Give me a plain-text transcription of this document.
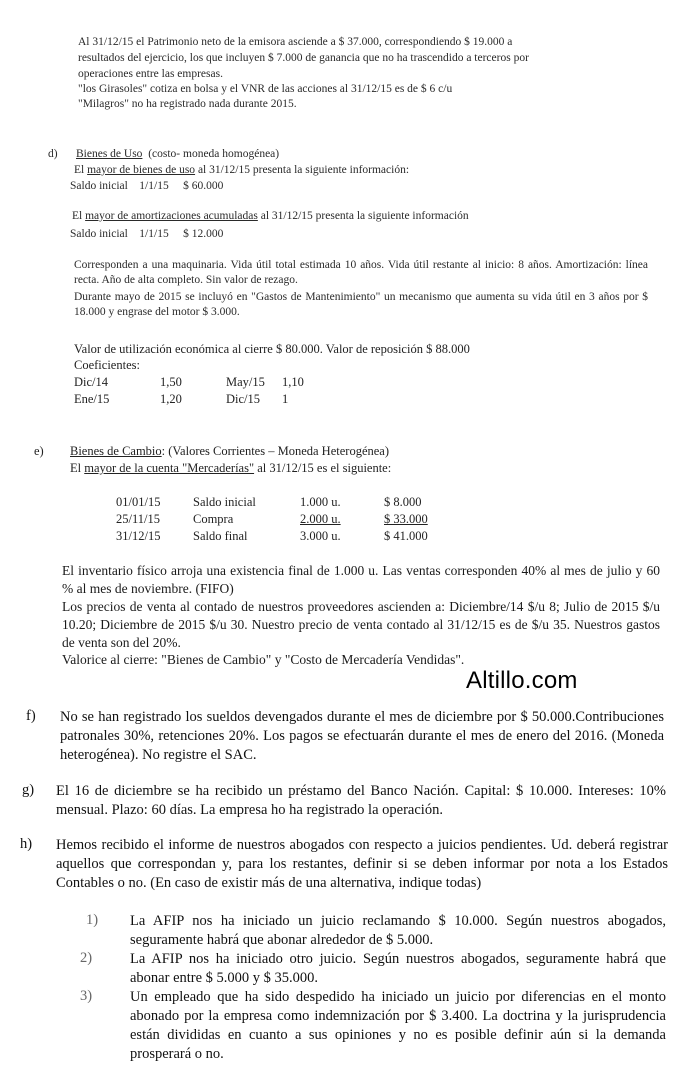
Al 31/12/15 el Patrimonio neto de la emisora asciende a $ 37.000, correspondiendo $ 19.000 a
resultados del ejercicio, los que incluyen $ 7.000 de ganancia que no ha trascendido a terceros por
operaciones entre las empresas.
"los Girasoles" cotiza en bolsa y el VNR de las acciones al 31/12/15 es de $ 6 c/u
"Milagros" no ha registrado nada durante 2015.
d) Bienes de Uso (costo- moneda homogénea)
El mayor de bienes de uso al 31/12/15 presenta la siguiente información:
Saldo inicial    1/1/15     $ 60.000
El mayor de amortizaciones acumuladas al 31/12/15 presenta la siguiente información
Saldo inicial    1/1/15     $ 12.000
Corresponden a una maquinaria. Vida útil total estimada 10 años. Vida útil restante al inicio: 8 años. Amortización: línea recta. Año de alta completo. Sin valor de rezago.
Durante mayo de 2015 se incluyó en "Gastos de Mantenimiento" un mecanismo que aumenta su vida útil en 3 años por $ 18.000 y engrase del motor $ 3.000.
Valor de utilización económica al cierre $ 80.000. Valor de reposición $ 88.000
Coeficientes:
Dic/14	1,50	May/15 1,10
Ene/15	1,20	Dic/15 1
e) Bienes de Cambio: (Valores Corrientes – Moneda Heterogénea)
El mayor de la cuenta "Mercaderías" al 31/12/15 es el siguiente:
01/01/15	Saldo inicial	1.000 u.	$ 8.000
25/11/15	Compra	2.000 u.	$ 33.000
31/12/15	Saldo final	3.000 u.	$ 41.000
El inventario físico arroja una existencia final de 1.000 u. Las ventas corresponden 40% al mes de julio y 60 % al mes de noviembre. (FIFO)
Los precios de venta al contado de nuestros proveedores ascienden a: Diciembre/14 $/u 8; Julio de 2015 $/u 10.20; Diciembre de 2015 $/u 30. Nuestro precio de venta contado al 31/12/15 es de $/u 35. Nuestros gastos de venta son del 20%.
Valorice al cierre: "Bienes de Cambio" y "Costo de Mercadería Vendidas".
Altillo.com
f) No se han registrado los sueldos devengados durante el mes de diciembre por $ 50.000.Contribuciones patronales 30%, retenciones 20%. Los pagos se efectuarán durante el mes de enero del 2016. (Moneda heterogénea). No registre el SAC.
g) El 16 de diciembre se ha recibido un préstamo del Banco Nación. Capital: $ 10.000. Intereses: 10% mensual. Plazo: 60 días. La empresa ho ha registrado la operación.
h) Hemos recibido el informe de nuestros abogados con respecto a juicios pendientes. Ud. deberá registrar aquellos que correspondan y, para los restantes, definir si se deben informar por nota a los Estados Contables o no. (En caso de existir más de una alternativa, indique todas)
1) La AFIP nos ha iniciado un juicio reclamando $ 10.000. Según nuestros abogados, seguramente habrá que abonar alrededor de $ 5.000.
2)	La AFIP nos ha iniciado otro juicio. Según nuestros abogados, seguramente habrá que abonar entre $ 5.000 y $ 35.000.
3)	Un empleado que ha sido despedido ha iniciado un juicio por diferencias en el monto abonado por la empresa como indemnización por $ 3.400. La doctrina y la jurisprudencia están divididas en cuanto a sus opiniones y no es posible definir aún si la demanda prosperará o no.
